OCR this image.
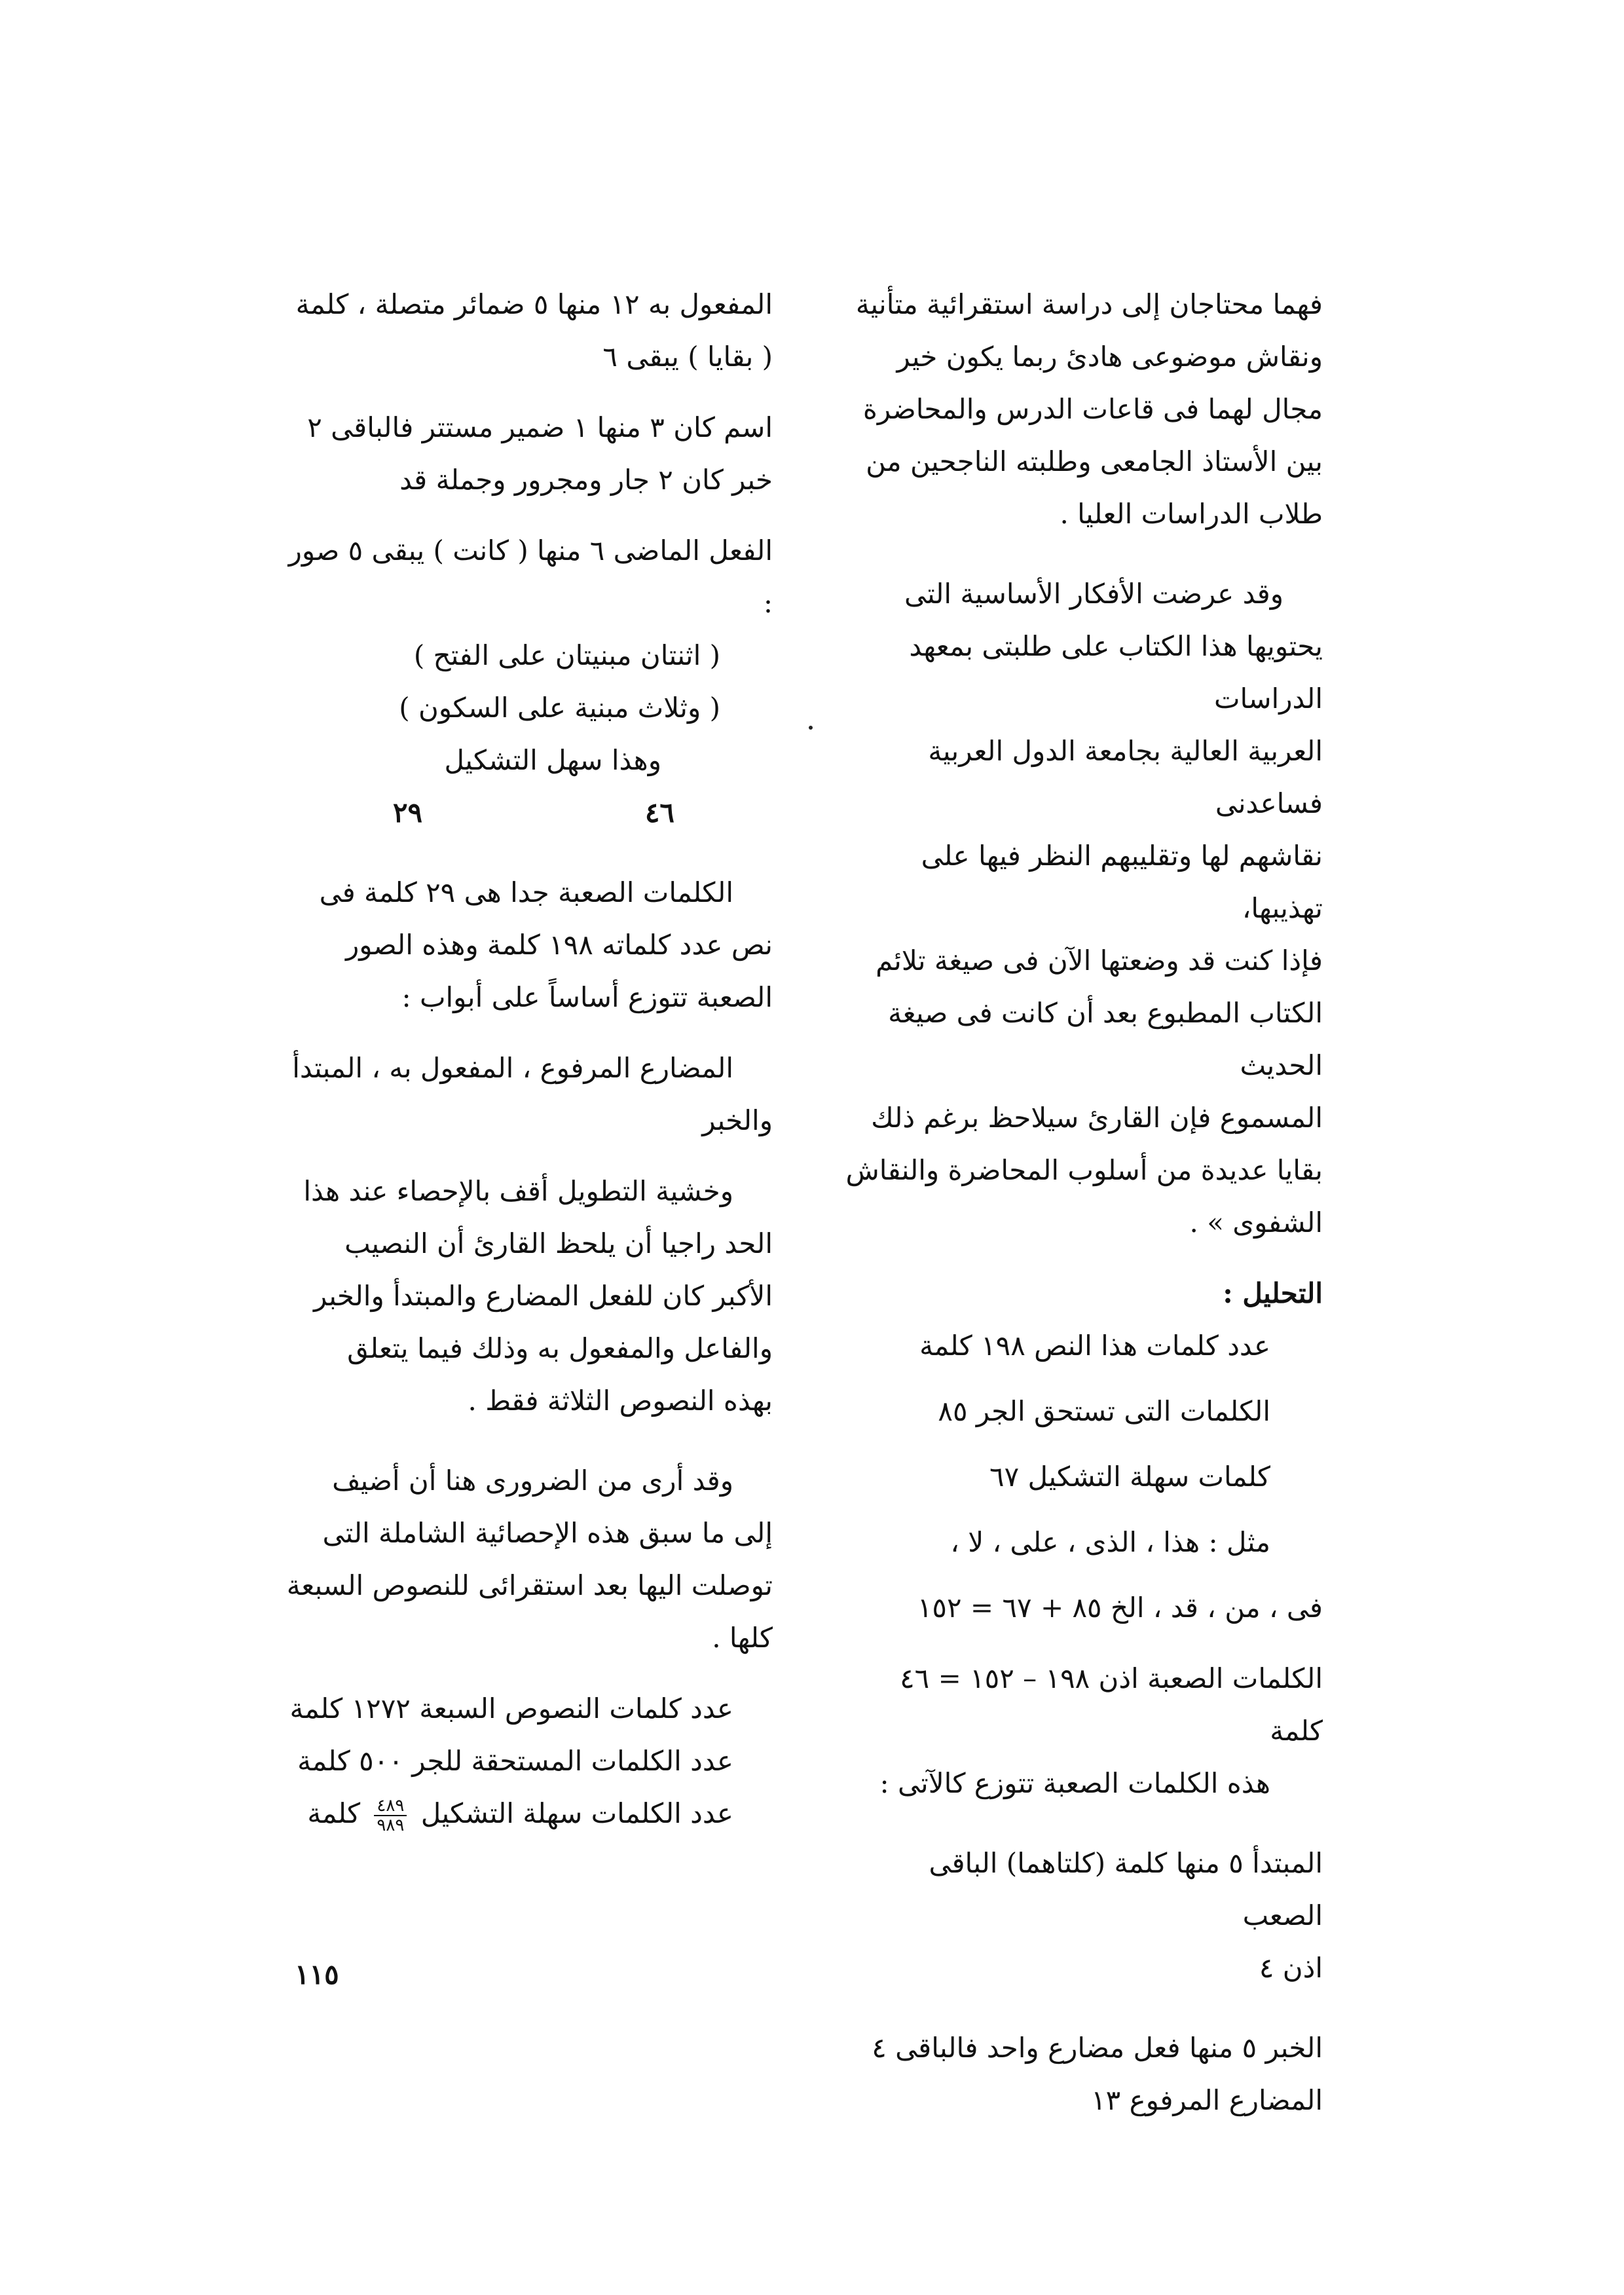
فهما محتاجان إلى دراسة استقرائية متأنية

ونقاش موضوعى هادئ ربما يكون خير

مجال لهما فى قاعات الدرس والمحاضرة

بين الأستاذ الجامعى وطلبته الناجحين من

طلاب الدراسات العليا .

وقد عرضت الأفكار الأساسية التى

يحتويها هذا الكتاب على طلبتى بمعهد الدراسات

العربية العالية بجامعة الدول العربية فساعدنى

نقاشهم لها وتقليبهم النظر فيها على تهذيبها،

فإذا كنت قد وضعتها الآن فى صيغة تلائم

الكتاب المطبوع بعد أن كانت فى صيغة الحديث

المسموع فإن القارئ سيلاحظ برغم ذلك

بقايا عديدة من أسلوب المحاضرة والنقاش

الشفوى » .

التحليل :

عدد كلمات هذا النص ١٩٨ كلمة

الكلمات التى تستحق الجر ٨٥

كلمات سهلة التشكيل ٦٧

مثل : هذا ، الذى ، على ، لا ،

فى ، من ، قد ، الخ ٨٥ + ٦٧ = ١٥٢

الكلمات الصعبة اذن ١٩٨ – ١٥٢ = ٤٦ كلمة

هذه الكلمات الصعبة تتوزع كالآتى :

المبتدأ ٥ منها كلمة (كلتاهما) الباقى الصعب

اذن ٤

الخبر ٥ منها فعل مضارع واحد فالباقى ٤

المضارع المرفوع ١٣

المفعول به ١٢ منها ٥ ضمائر متصلة ، كلمة

( بقايا ) يبقى ٦

اسم كان ٣ منها ١ ضمير مستتر فالباقى ٢

خبر كان ٢ جار ومجرور وجملة قد

الفعل الماضى ٦ منها ( كانت ) يبقى ٥ صور :

( اثنتان مبنيتان على الفتح )

( وثلاث مبنية على السكون )

وهذا سهل التشكيل

٤٦
٢٩

الكلمات الصعبة جدا هى ٢٩ كلمة فى

نص عدد كلماته ١٩٨ كلمة وهذه الصور

الصعبة تتوزع أساساً على أبواب :

المضارع المرفوع ، المفعول به ، المبتدأ

والخبر

وخشية التطويل أقف بالإحصاء عند هذا

الحد راجيا أن يلحظ القارئ أن النصيب

الأكبر كان للفعل المضارع والمبتدأ والخبر

والفاعل والمفعول به وذلك فيما يتعلق

بهذه النصوص الثلاثة فقط .

وقد أرى من الضرورى هنا أن أضيف

إلى ما سبق هذه الإحصائية الشاملة التى

توصلت اليها بعد استقرائى للنصوص السبعة

كلها .

عدد كلمات النصوص السبعة ١٢٧٢ كلمة

عدد الكلمات المستحقة للجر ٥٠٠ كلمة

عدد الكلمات سهلة التشكيل
$\frac{٤٨٩}{٩٨٩}$
كلمة

١١٥
